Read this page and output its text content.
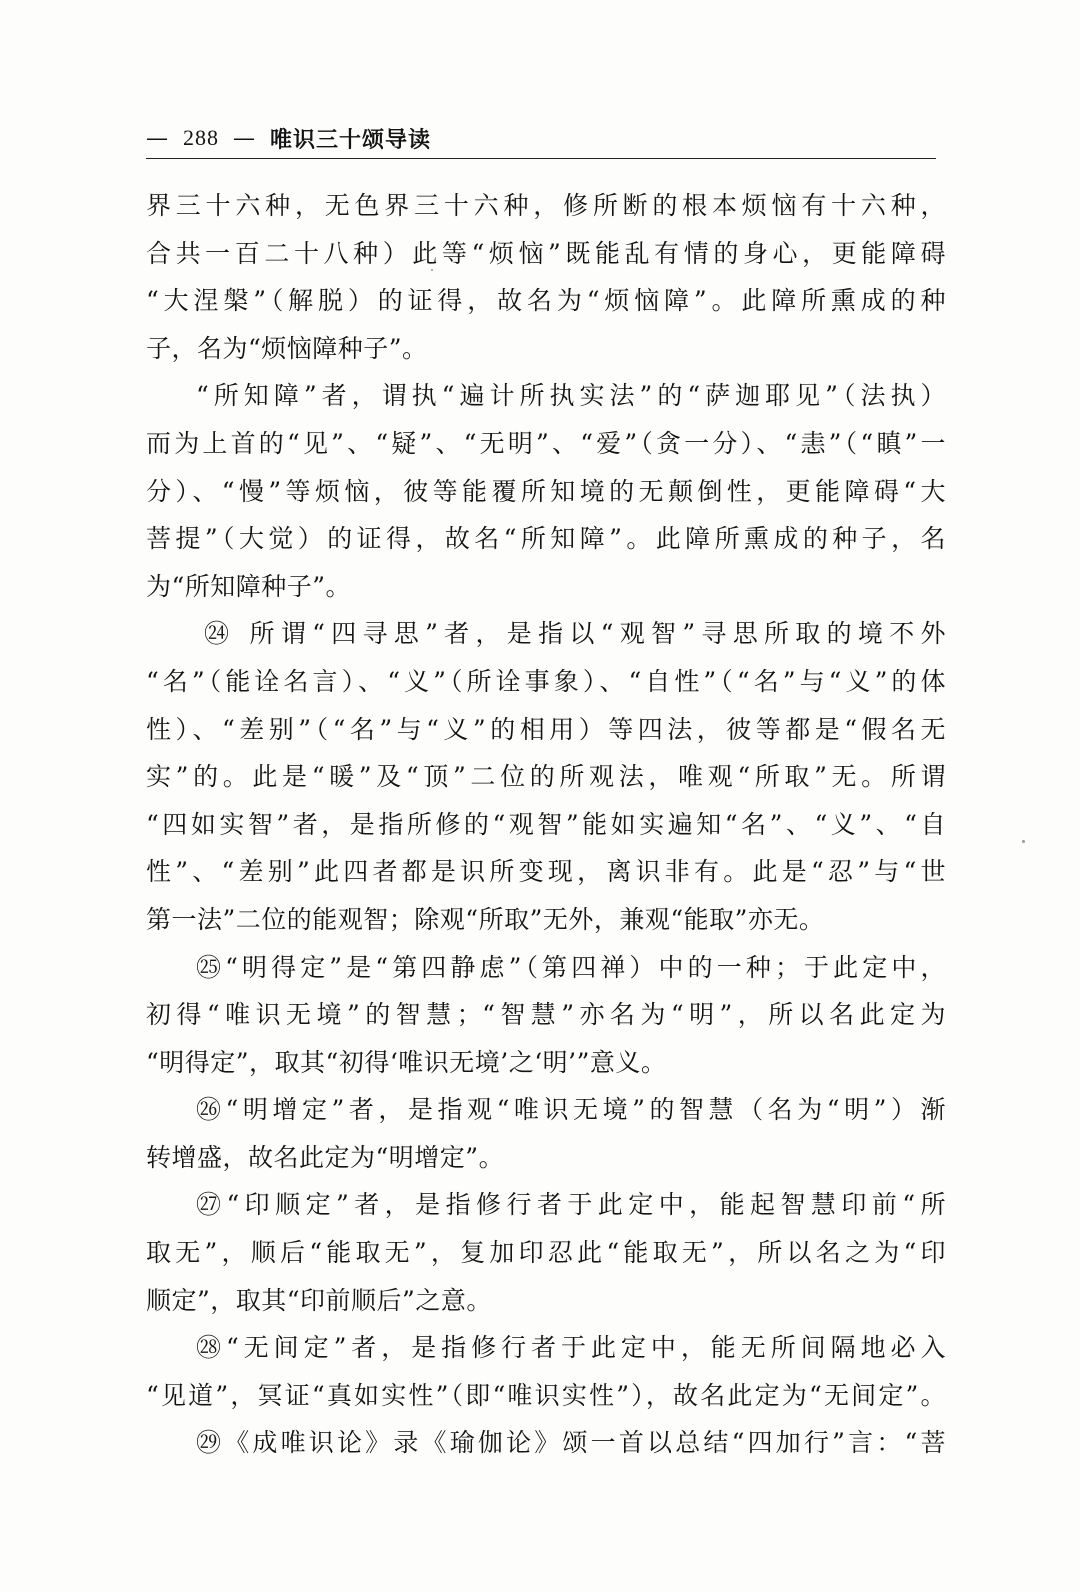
— 288 — 唯识三十颂导读
界三十六种，无色界三十六种，修所断的根本烦恼有十六种，
合共一百二十八种）此等“烦恼”既能乱有情的身心，更能障碍
“大涅槃”（解脱）的证得，故名为“烦恼障”。此障所熏成的种
子，名为“烦恼障种子”。
“所知障”者，谓执“遍计所执实法”的“萨迦耶见”（法执）
而为上首的“见”、“疑”、“无明”、“爱”（贪一分）、“恚”（“瞋”一
分）、“慢”等烦恼，彼等能覆所知境的无颠倒性，更能障碍“大
菩提”（大觉）的证得，故名“所知障”。此障所熏成的种子，名
为“所知障种子”。
㉔ 所谓“四寻思”者，是指以“观智”寻思所取的境不外
“名”（能诠名言）、“义”（所诠事象）、“自性”（“名”与“义”的体
性）、“差别”（“名”与“义”的相用）等四法，彼等都是“假名无
实”的。此是“暖”及“顶”二位的所观法，唯观“所取”无。所谓
“四如实智”者，是指所修的“观智”能如实遍知“名”、“义”、“自
性”、“差别”此四者都是识所变现，离识非有。此是“忍”与“世
第一法”二位的能观智；除观“所取”无外，兼观“能取”亦无。
㉕“明得定”是“第四静虑”（第四禅）中的一种；于此定中，
初得“唯识无境”的智慧；“智慧”亦名为“明”，所以名此定为
“明得定”，取其“初得‘唯识无境’之‘明’”意义。
㉖“明增定”者，是指观“唯识无境”的智慧（名为“明”）渐
转增盛，故名此定为“明增定”。
㉗“印顺定”者，是指修行者于此定中，能起智慧印前“所
取无”，顺后“能取无”，复加印忍此“能取无”，所以名之为“印
顺定”，取其“印前顺后”之意。
㉘“无间定”者，是指修行者于此定中，能无所间隔地必入
“见道”，冥证“真如实性”（即“唯识实性”），故名此定为“无间定”。
㉙《成唯识论》录《瑜伽论》颂一首以总结“四加行”言：“菩
